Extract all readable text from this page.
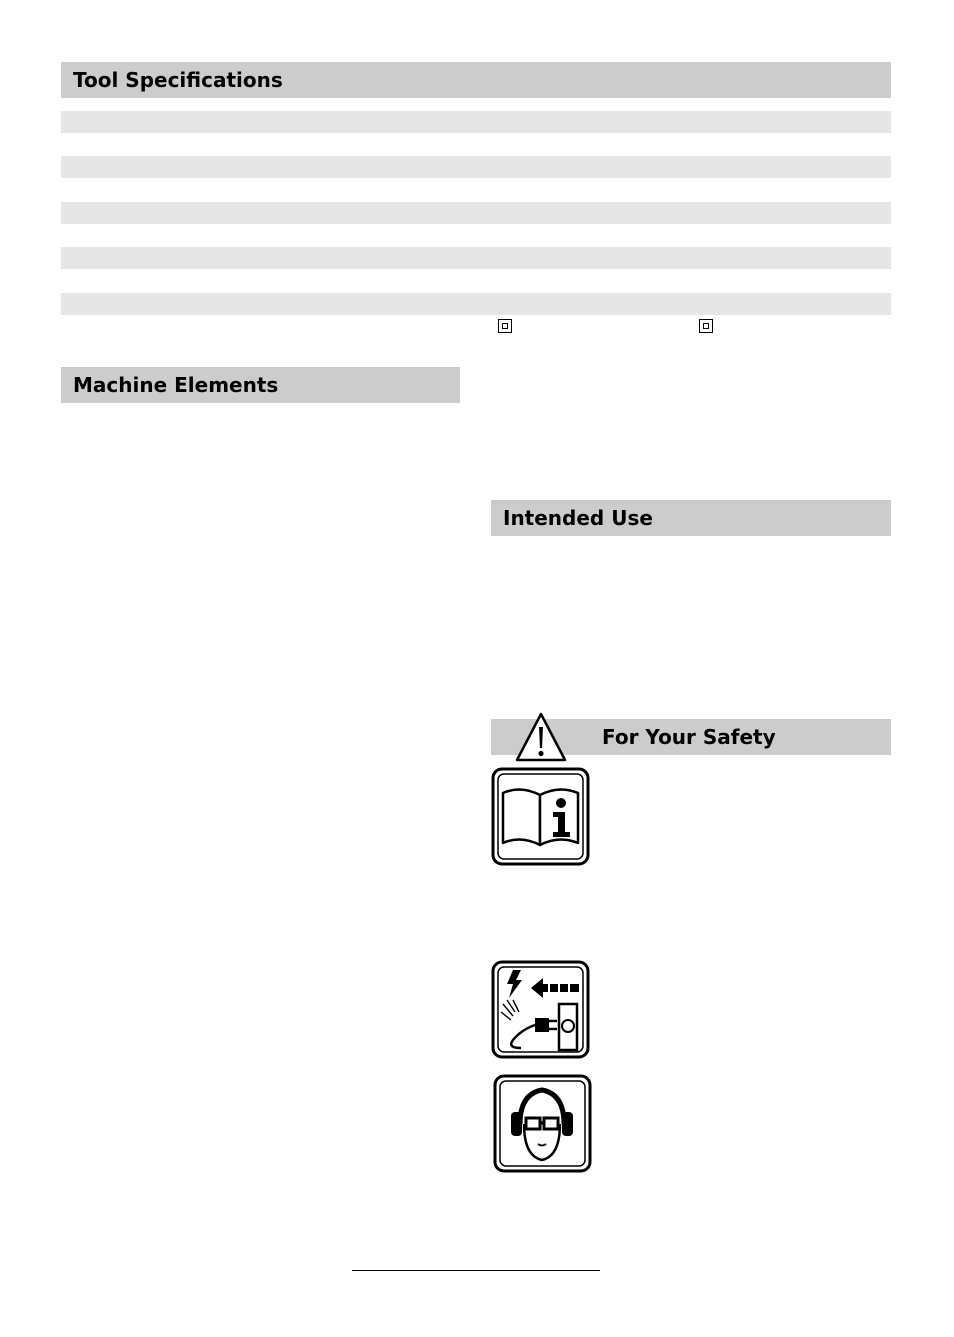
Tool Specifications
Machine Elements
Intended Use
For Your Safety
